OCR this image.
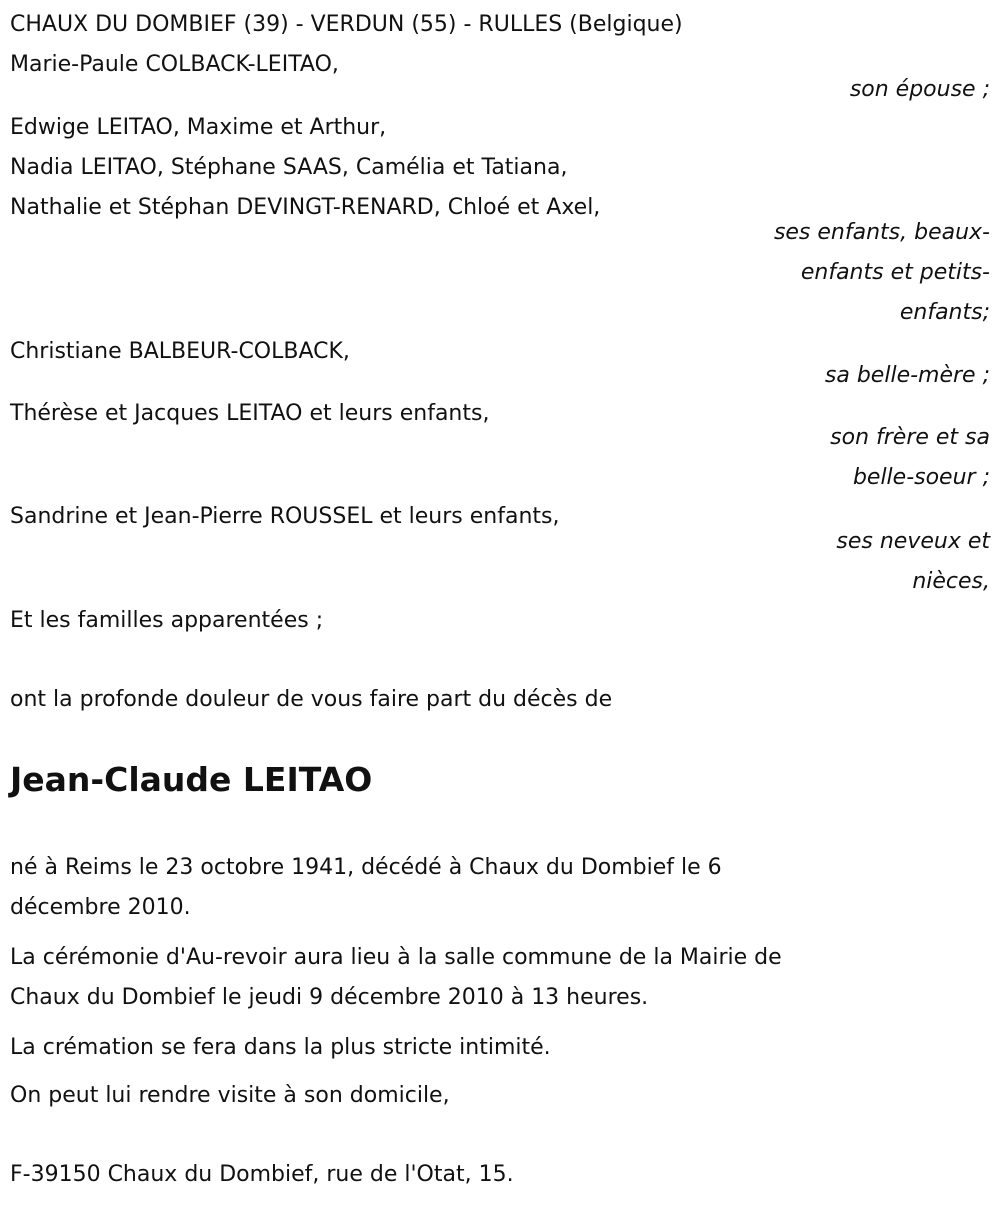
CHAUX DU DOMBIEF (39) - VERDUN (55) - RULLES (Belgique)
Marie-Paule COLBACK-LEITAO,
son épouse ;
Edwige LEITAO, Maxime et Arthur,
Nadia LEITAO, Stéphane SAAS, Camélia et Tatiana,
Nathalie et Stéphan DEVINGT-RENARD, Chloé et Axel,
ses enfants, beaux-
enfants et petits-
enfants;
Christiane BALBEUR-COLBACK,
sa belle-mère ;
Thérèse et Jacques LEITAO et leurs enfants,
son frère et sa
belle-soeur ;
Sandrine et Jean-Pierre ROUSSEL et leurs enfants,
ses neveux et
nièces,
Et les familles apparentées ;
ont la profonde douleur de vous faire part du décès de
Jean-Claude LEITAO
né à Reims le 23 octobre 1941, décédé à Chaux du Dombief le 6
décembre 2010.
La cérémonie d'Au-revoir aura lieu à la salle commune de la Mairie de
Chaux du Dombief le jeudi 9 décembre 2010 à 13 heures.
La crémation se fera dans la plus stricte intimité.
On peut lui rendre visite à son domicile,
F-39150 Chaux du Dombief, rue de l'Otat, 15.
